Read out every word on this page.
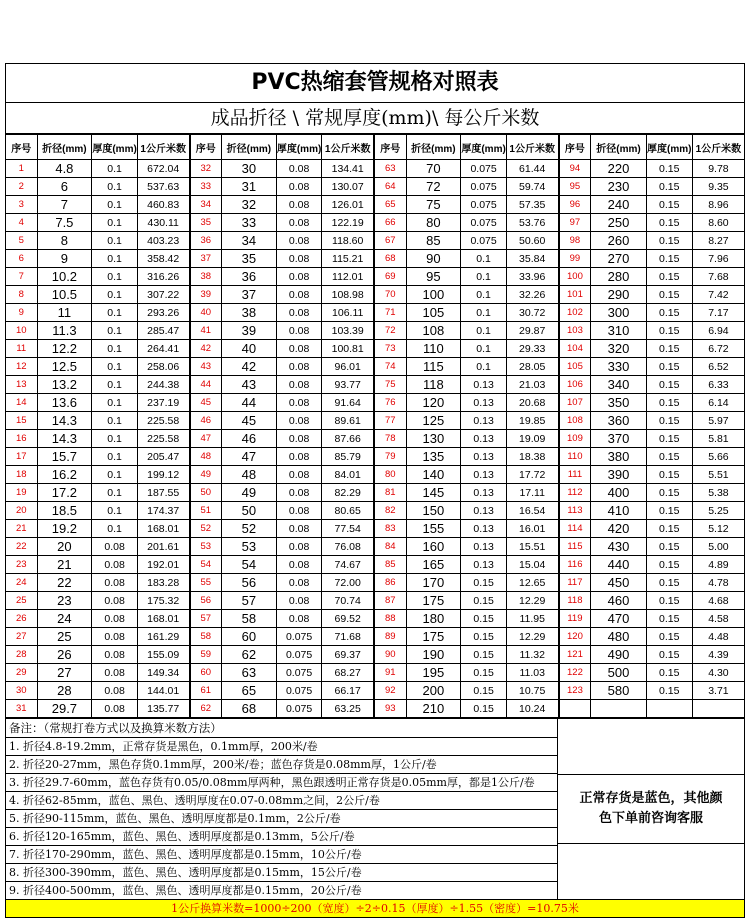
PVC热缩套管规格对照表
成品折径 \ 常规厚度(mm)\ 每公斤米数
序号	折径(mm)	厚度(mm)	1公斤米数
1	4.8	0.1	672.04
2	6	0.1	537.63
3	7	0.1	460.83
4	7.5	0.1	430.11
5	8	0.1	403.23
6	9	0.1	358.42
7	10.2	0.1	316.26
8	10.5	0.1	307.22
9	11	0.1	293.26
10	11.3	0.1	285.47
11	12.2	0.1	264.41
12	12.5	0.1	258.06
13	13.2	0.1	244.38
14	13.6	0.1	237.19
15	14.3	0.1	225.58
16	14.3	0.1	225.58
17	15.7	0.1	205.47
18	16.2	0.1	199.12
19	17.2	0.1	187.55
20	18.5	0.1	174.37
21	19.2	0.1	168.01
22	20	0.08	201.61
23	21	0.08	192.01
24	22	0.08	183.28
25	23	0.08	175.32
26	24	0.08	168.01
27	25	0.08	161.29
28	26	0.08	155.09
29	27	0.08	149.34
30	28	0.08	144.01
31	29.7	0.08	135.77
序号	折径(mm)	厚度(mm)	1公斤米数
32	30	0.08	134.41
33	31	0.08	130.07
34	32	0.08	126.01
35	33	0.08	122.19
36	34	0.08	118.60
37	35	0.08	115.21
38	36	0.08	112.01
39	37	0.08	108.98
40	38	0.08	106.11
41	39	0.08	103.39
42	40	0.08	100.81
43	42	0.08	96.01
44	43	0.08	93.77
45	44	0.08	91.64
46	45	0.08	89.61
47	46	0.08	87.66
48	47	0.08	85.79
49	48	0.08	84.01
50	49	0.08	82.29
51	50	0.08	80.65
52	52	0.08	77.54
53	53	0.08	76.08
54	54	0.08	74.67
55	56	0.08	72.00
56	57	0.08	70.74
57	58	0.08	69.52
58	60	0.075	71.68
59	62	0.075	69.37
60	63	0.075	68.27
61	65	0.075	66.17
62	68	0.075	63.25
序号	折径(mm)	厚度(mm)	1公斤米数
63	70	0.075	61.44
64	72	0.075	59.74
65	75	0.075	57.35
66	80	0.075	53.76
67	85	0.075	50.60
68	90	0.1	35.84
69	95	0.1	33.96
70	100	0.1	32.26
71	105	0.1	30.72
72	108	0.1	29.87
73	110	0.1	29.33
74	115	0.1	28.05
75	118	0.13	21.03
76	120	0.13	20.68
77	125	0.13	19.85
78	130	0.13	19.09
79	135	0.13	18.38
80	140	0.13	17.72
81	145	0.13	17.11
82	150	0.13	16.54
83	155	0.13	16.01
84	160	0.13	15.51
85	165	0.13	15.04
86	170	0.15	12.65
87	175	0.15	12.29
88	180	0.15	11.95
89	175	0.15	12.29
90	190	0.15	11.32
91	195	0.15	11.03
92	200	0.15	10.75
93	210	0.15	10.24
序号	折径(mm)	厚度(mm)	1公斤米数
94	220	0.15	9.78
95	230	0.15	9.35
96	240	0.15	8.96
97	250	0.15	8.60
98	260	0.15	8.27
99	270	0.15	7.96
100	280	0.15	7.68
101	290	0.15	7.42
102	300	0.15	7.17
103	310	0.15	6.94
104	320	0.15	6.72
105	330	0.15	6.52
106	340	0.15	6.33
107	350	0.15	6.14
108	360	0.15	5.97
109	370	0.15	5.81
110	380	0.15	5.66
111	390	0.15	5.51
112	400	0.15	5.38
113	410	0.15	5.25
114	420	0.15	5.12
115	430	0.15	5.00
116	440	0.15	4.89
117	450	0.15	4.78
118	460	0.15	4.68
119	470	0.15	4.58
120	480	0.15	4.48
121	490	0.15	4.39
122	500	0.15	4.30
123	580	0.15	3.71

备注：（常规打卷方式以及换算米数方法）
1. 折径4.8-19.2mm，正常存货是黑色，0.1mm厚，200米/卷
2. 折径20-27mm，黑色存货0.1mm厚，200米/卷；蓝色存货是0.08mm厚，1公斤/卷
3. 折径29.7-60mm，蓝色存货有0.05/0.08mm厚两种，黑色跟透明正常存货是0.05mm厚，都是1公斤/卷
4. 折径62-85mm，蓝色、黑色、透明厚度在0.07-0.08mm之间，2公斤/卷
5. 折径90-115mm，蓝色、黑色、透明厚度都是0.1mm，2公斤/卷
6. 折径120-165mm，蓝色、黑色、透明厚度都是0.13mm，5公斤/卷
7. 折径170-290mm，蓝色、黑色、透明厚度都是0.15mm，10公斤/卷
8. 折径300-390mm，蓝色、黑色、透明厚度都是0.15mm，15公斤/卷
9. 折径400-500mm，蓝色、黑色、透明厚度都是0.15mm，20公斤/卷
正常存货是蓝色，其他颜
色下单前咨询客服
1公斤换算米数=1000÷200（宽度）÷2÷0.15（厚度）÷1.55（密度）=10.75米
